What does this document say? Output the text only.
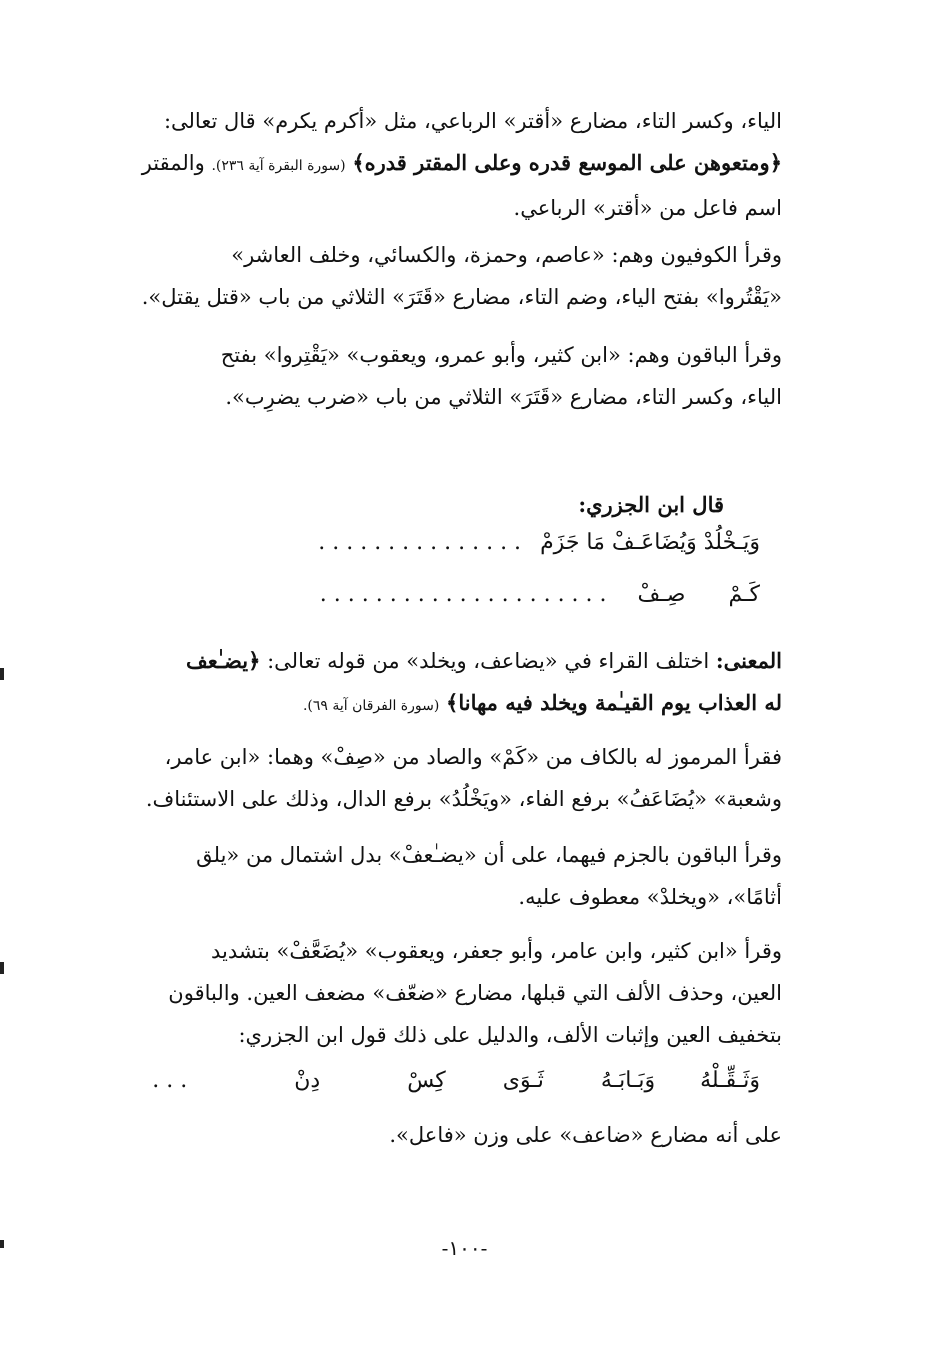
الياء، وكسر التاء، مضارع «أقتر» الرباعي، مثل «أكرم يكرم» قال تعالى:
﴿ومتعوهن على الموسع قدره وعلى المقتر قدره﴾ (سورة البقرة آية ٢٣٦). والمقتر
اسم فاعل من «أقتر» الرباعي.
وقرأ الكوفيون وهم: «عاصم، وحمزة، والكسائي، وخلف العاشر»
«يَقْتُروا» بفتح الياء، وضم التاء، مضارع «قَتَرَ» الثلاثي من باب «قتل يقتل».
وقرأ الباقون وهم: «ابن كثير، وأبو عمرو، ويعقوب» «يَقْتِروا» بفتح
الياء، وكسر التاء، مضارع «قَتَرَ» الثلاثي من باب «ضرب يضرِب».
قال ابن الجزري:
وَيَـخْلُدْ وَيُضَاعَـفْ مَا جَزَمْ . . . . . . . . . . . . . . .
كَـمْ صِـفْ . . . . . . . . . . . . . . . . . . . . .
المعنى: اختلف القراء في «يضاعف، ويخلد» من قوله تعالى: ﴿يضـٰعف
له العذاب يوم القيـٰمة ويخلد فيه مهانا﴾ (سورة الفرقان آية ٦٩).
فقرأ المرموز له بالكاف من «كَمْ» والصاد من «صِفْ» وهما: «ابن عامر،
وشعبة» «يُضَاعَفُ» برفع الفاء، «ويَخْلُدُ» برفع الدال، وذلك على الاستئناف.
وقرأ الباقون بالجزم فيهما، على أن «يضـٰعفْ» بدل اشتمال من «يلق
أثامًا»، «ويخلدْ» معطوف عليه.
وقرأ «ابن كثير، وابن عامر، وأبو جعفر، ويعقوب» «يُضَعَّفْ» بتشديد
العين، وحذف الألف التي قبلها، مضارع «ضعّف» مضعف العين. والباقون
بتخفيف العين وإثبات الألف، والدليل على ذلك قول ابن الجزري:
وَثَـقِّـلْهُ وَبَـابَـهُ ثَـوَى كِسْ دِنْ . . .
على أنه مضارع «ضاعف» على وزن «فاعل».
-١٠٠-
